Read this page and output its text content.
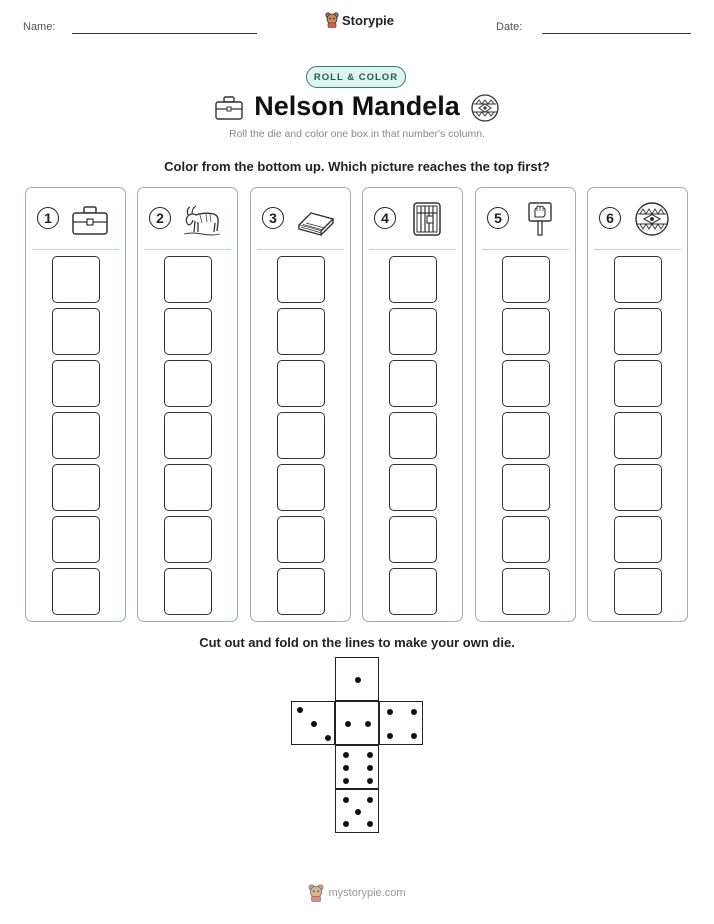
Name:	Storypie	Date:
ROLL & COLOR
Nelson Mandela
Roll the die and color one box in that number's column.
Color from the bottom up. Which picture reaches the top first?
1	2	3	4	5	6
Cut out and fold on the lines to make your own die.
mystorypie.com
